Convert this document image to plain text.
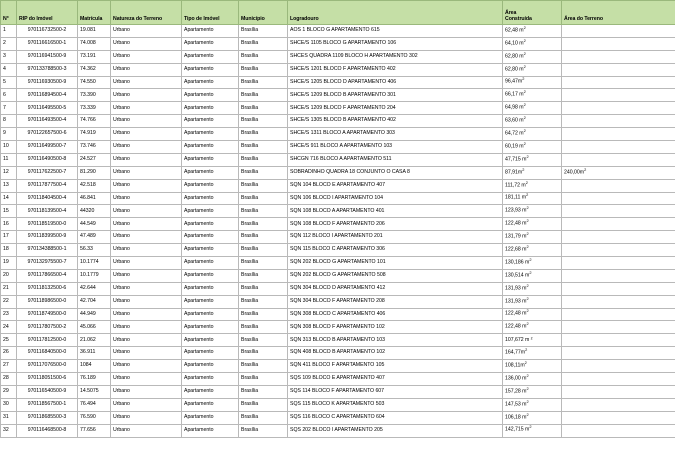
N°	RIP do Imóvel	Matrícula	Natureza do Terreno	Tipo de Imóvel	Município	Logradouro	Área
Construída	Área do Terreno
1	970116732500-2	19.081	Urbano	Apartamento	Brasília	AOS 1 BLOCO G APARTAMENTO 615	62,48 $m^2$	
2	970116616500-1	74.008	Urbano	Apartamento	Brasília	SHCE/S 1105 BLOCO G APARTAMENTO 106	64,10 $m^2$	
3	970116941500-9	73.191	Urbano	Apartamento	Brasília	SHCES QUADRA 1109 BLOCO H APARTAMENTO 302	62,80 $m^2$	
4	970133788500-3	74.362	Urbano	Apartamento	Brasília	SHCE/S 1201 BLOCO F APARTAMENTO 402	62,80 $m^2$	
5	970116930500-9	74.550	Urbano	Apartamento	Brasília	SHCE/S 1205 BLOCO D APARTAMENTO 406	$96,47m^2$	
6	970116894500-4	73.390	Urbano	Apartamento	Brasília	SHCE/S 1209 BLOCO B APARTAMENTO 301	66,17 $m^2$	
7	970116495500-5	73.339	Urbano	Apartamento	Brasília	SHCE/S 1209 BLOCO F APARTAMENTO 204	64,98 $m^2$	
8	970116493500-4	74.766	Urbano	Apartamento	Brasília	SHCE/S 1305 BLOCO B APARTAMENTO 402	63,60 $m^2$	
9	970122657500-6	74.919	Urbano	Apartamento	Brasília	SHCE/S 1311 BLOCO A APARTAMENTO 303	64,72 $m^2$	
10	970116499500-7	73.746	Urbano	Apartamento	Brasília	SHCE/S 911 BLOCO A APARTAMENTO 103	60,19 $m^2$	
11	970116490500-8	24.527	Urbano	Apartamento	Brasília	SHCGN 716 BLOCO A APARTAMENTO 511	47,715 $m^2$	
12	970117622500-7	81.290	Urbano	Apartamento	Brasília	SOBRADINHO QUADRA 18 CONJUNTO O CASA 8	$87,91m^2$	$240,00m^2$
13	970117877500-4	42.518	Urbano	Apartamento	Brasília	SQN 104 BLOCO E APARTAMENTO 407	111,72 $m^2$	
14	970118404500-4	46.841	Urbano	Apartamento	Brasília	SQN 106 BLOCO I APARTAMENTO 104	181,11 $m^2$	
15	970118139500-4	44320	Urbano	Apartamento	Brasília	SQN 108 BLOCO A APARTAMENTO 401	123,93 $m^2$	
16	970118519500-0	44.549	Urbano	Apartamento	Brasília	SQN 108 BLOCO F APARTAMENTO 206	122,48 $m^2$	
17	970118399500-9	47.489	Urbano	Apartamento	Brasília	SQN 112 BLOCO I APARTAMENTO 201	131,79 $m^2$	
18	970134388500-1	56.33	Urbano	Apartamento	Brasília	SQN 115 BLOCO C APARTAMENTO 306	122,68 $m^2$	
19	970132975500-7	10.1774	Urbano	Apartamento	Brasília	SQN 202 BLOCO G APARTAMENTO 101	130,186 $m^2$	
20	970117866500-4	10.1779	Urbano	Apartamento	Brasília	SQN 202 BLOCO G APARTAMENTO 508	130,514 $m^2$	
21	970118132500-6	42.644	Urbano	Apartamento	Brasília	SQN 304 BLOCO D APARTAMENTO 412	131,93 $m^2$	
22	970118986500-0	42.704	Urbano	Apartamento	Brasília	SQN 304 BLOCO F APARTAMENTO 208	131,93 $m^2$	
23	970118749500-0	44.949	Urbano	Apartamento	Brasília	SQN 308 BLOCO C APARTAMENTO 406	122,48 $m^2$	
24	970117807500-2	45.066	Urbano	Apartamento	Brasília	SQN 308 BLOCO F APARTAMENTO 102	122,48 $m^2$	
25	970117812500-0	21.062	Urbano	Apartamento	Brasília	SQN 313 BLOCO B APARTAMENTO 103	107,672 m ²	
26	970116840500-0	36.911	Urbano	Apartamento	Brasília	SQN 408 BLOCO B APARTAMENTO 102	$164,77m^2$	
27	970117076500-0	1084	Urbano	Apartamento	Brasília	SQN 411 BLOCO F APARTAMENTO 105	$108,11m^2$	
28	970118051500-6	76.189	Urbano	Apartamento	Brasília	SQS 109 BLOCO E APARTAMENTO 407	136,00 $m^2$	
29	970116540500-9	14.5075	Urbano	Apartamento	Brasília	SQS 114 BLOCO F APARTAMENTO 607	157,28 $m^2$	
30	970118567500-1	76.494	Urbano	Apartamento	Brasília	SQS 115 BLOCO K APARTAMENTO 503	147,53 $m^2$	
31	970118685500-3	76.590	Urbano	Apartamento	Brasília	SQS 116 BLOCO C APARTAMENTO 604	106,18 $m^2$	
32	970116468500-8	77.656	Urbano	Apartamento	Brasília	SQS 202 BLOCO I APARTAMENTO 205	142,715 $m^2$	
